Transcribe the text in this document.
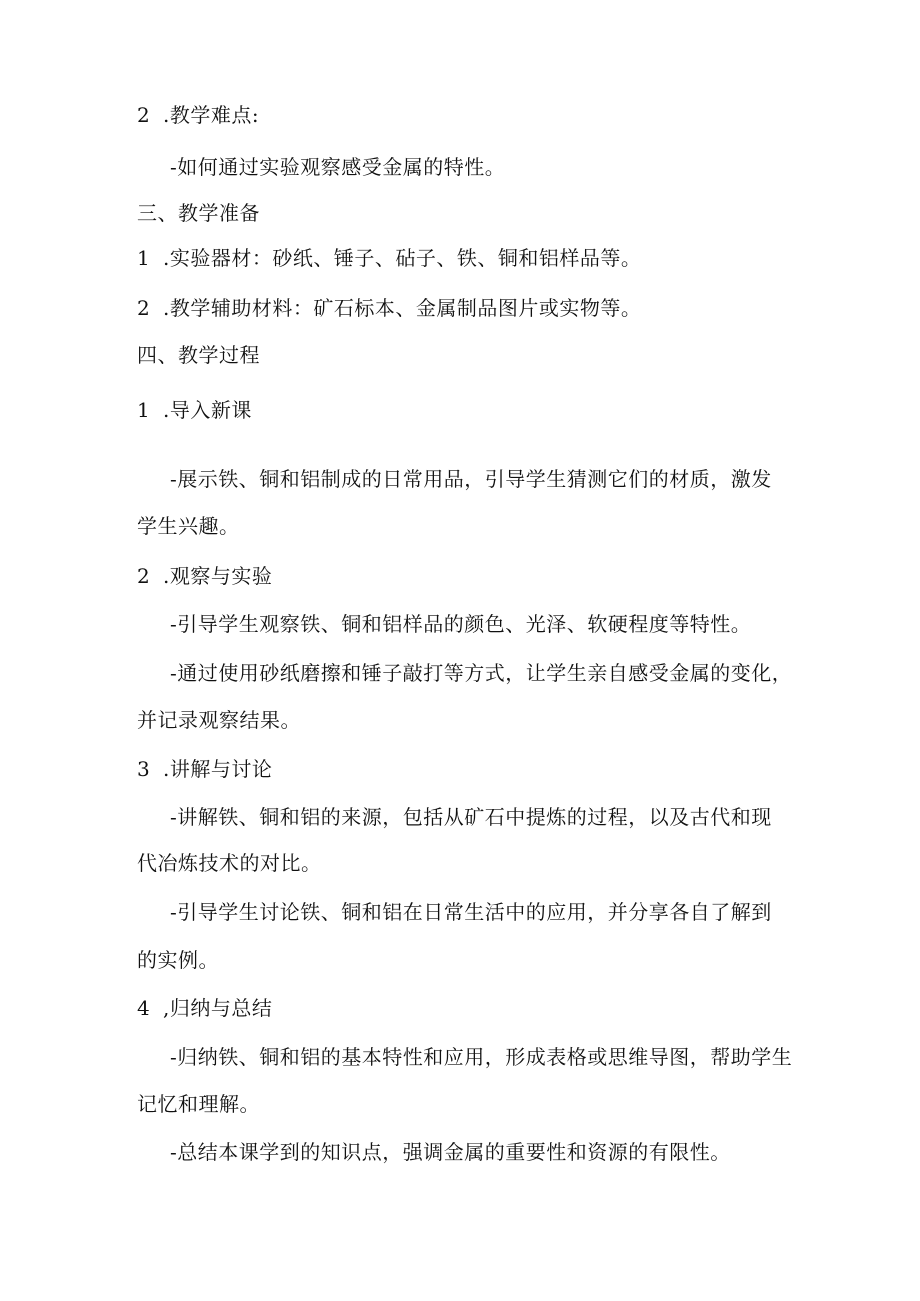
2 .教学难点:
-如何通过实验观察感受金属的特性。
三、教学准备
1 .实验器材：砂纸、锤子、砧子、铁、铜和铝样品等。
2 .教学辅助材料：矿石标本、金属制品图片或实物等。
四、教学过程
1 .导入新课
-展示铁、铜和铝制成的日常用品，引导学生猜测它们的材质，激发
学生兴趣。
2 .观察与实验
-引导学生观察铁、铜和铝样品的颜色、光泽、软硬程度等特性。
-通过使用砂纸磨擦和锤子敲打等方式，让学生亲自感受金属的变化，
并记录观察结果。
3 .讲解与讨论
-讲解铁、铜和铝的来源，包括从矿石中提炼的过程，以及古代和现
代冶炼技术的对比。
-引导学生讨论铁、铜和铝在日常生活中的应用，并分享各自了解到
的实例。
4 ,归纳与总结
-归纳铁、铜和铝的基本特性和应用，形成表格或思维导图，帮助学生
记忆和理解。
-总结本课学到的知识点，强调金属的重要性和资源的有限性。
